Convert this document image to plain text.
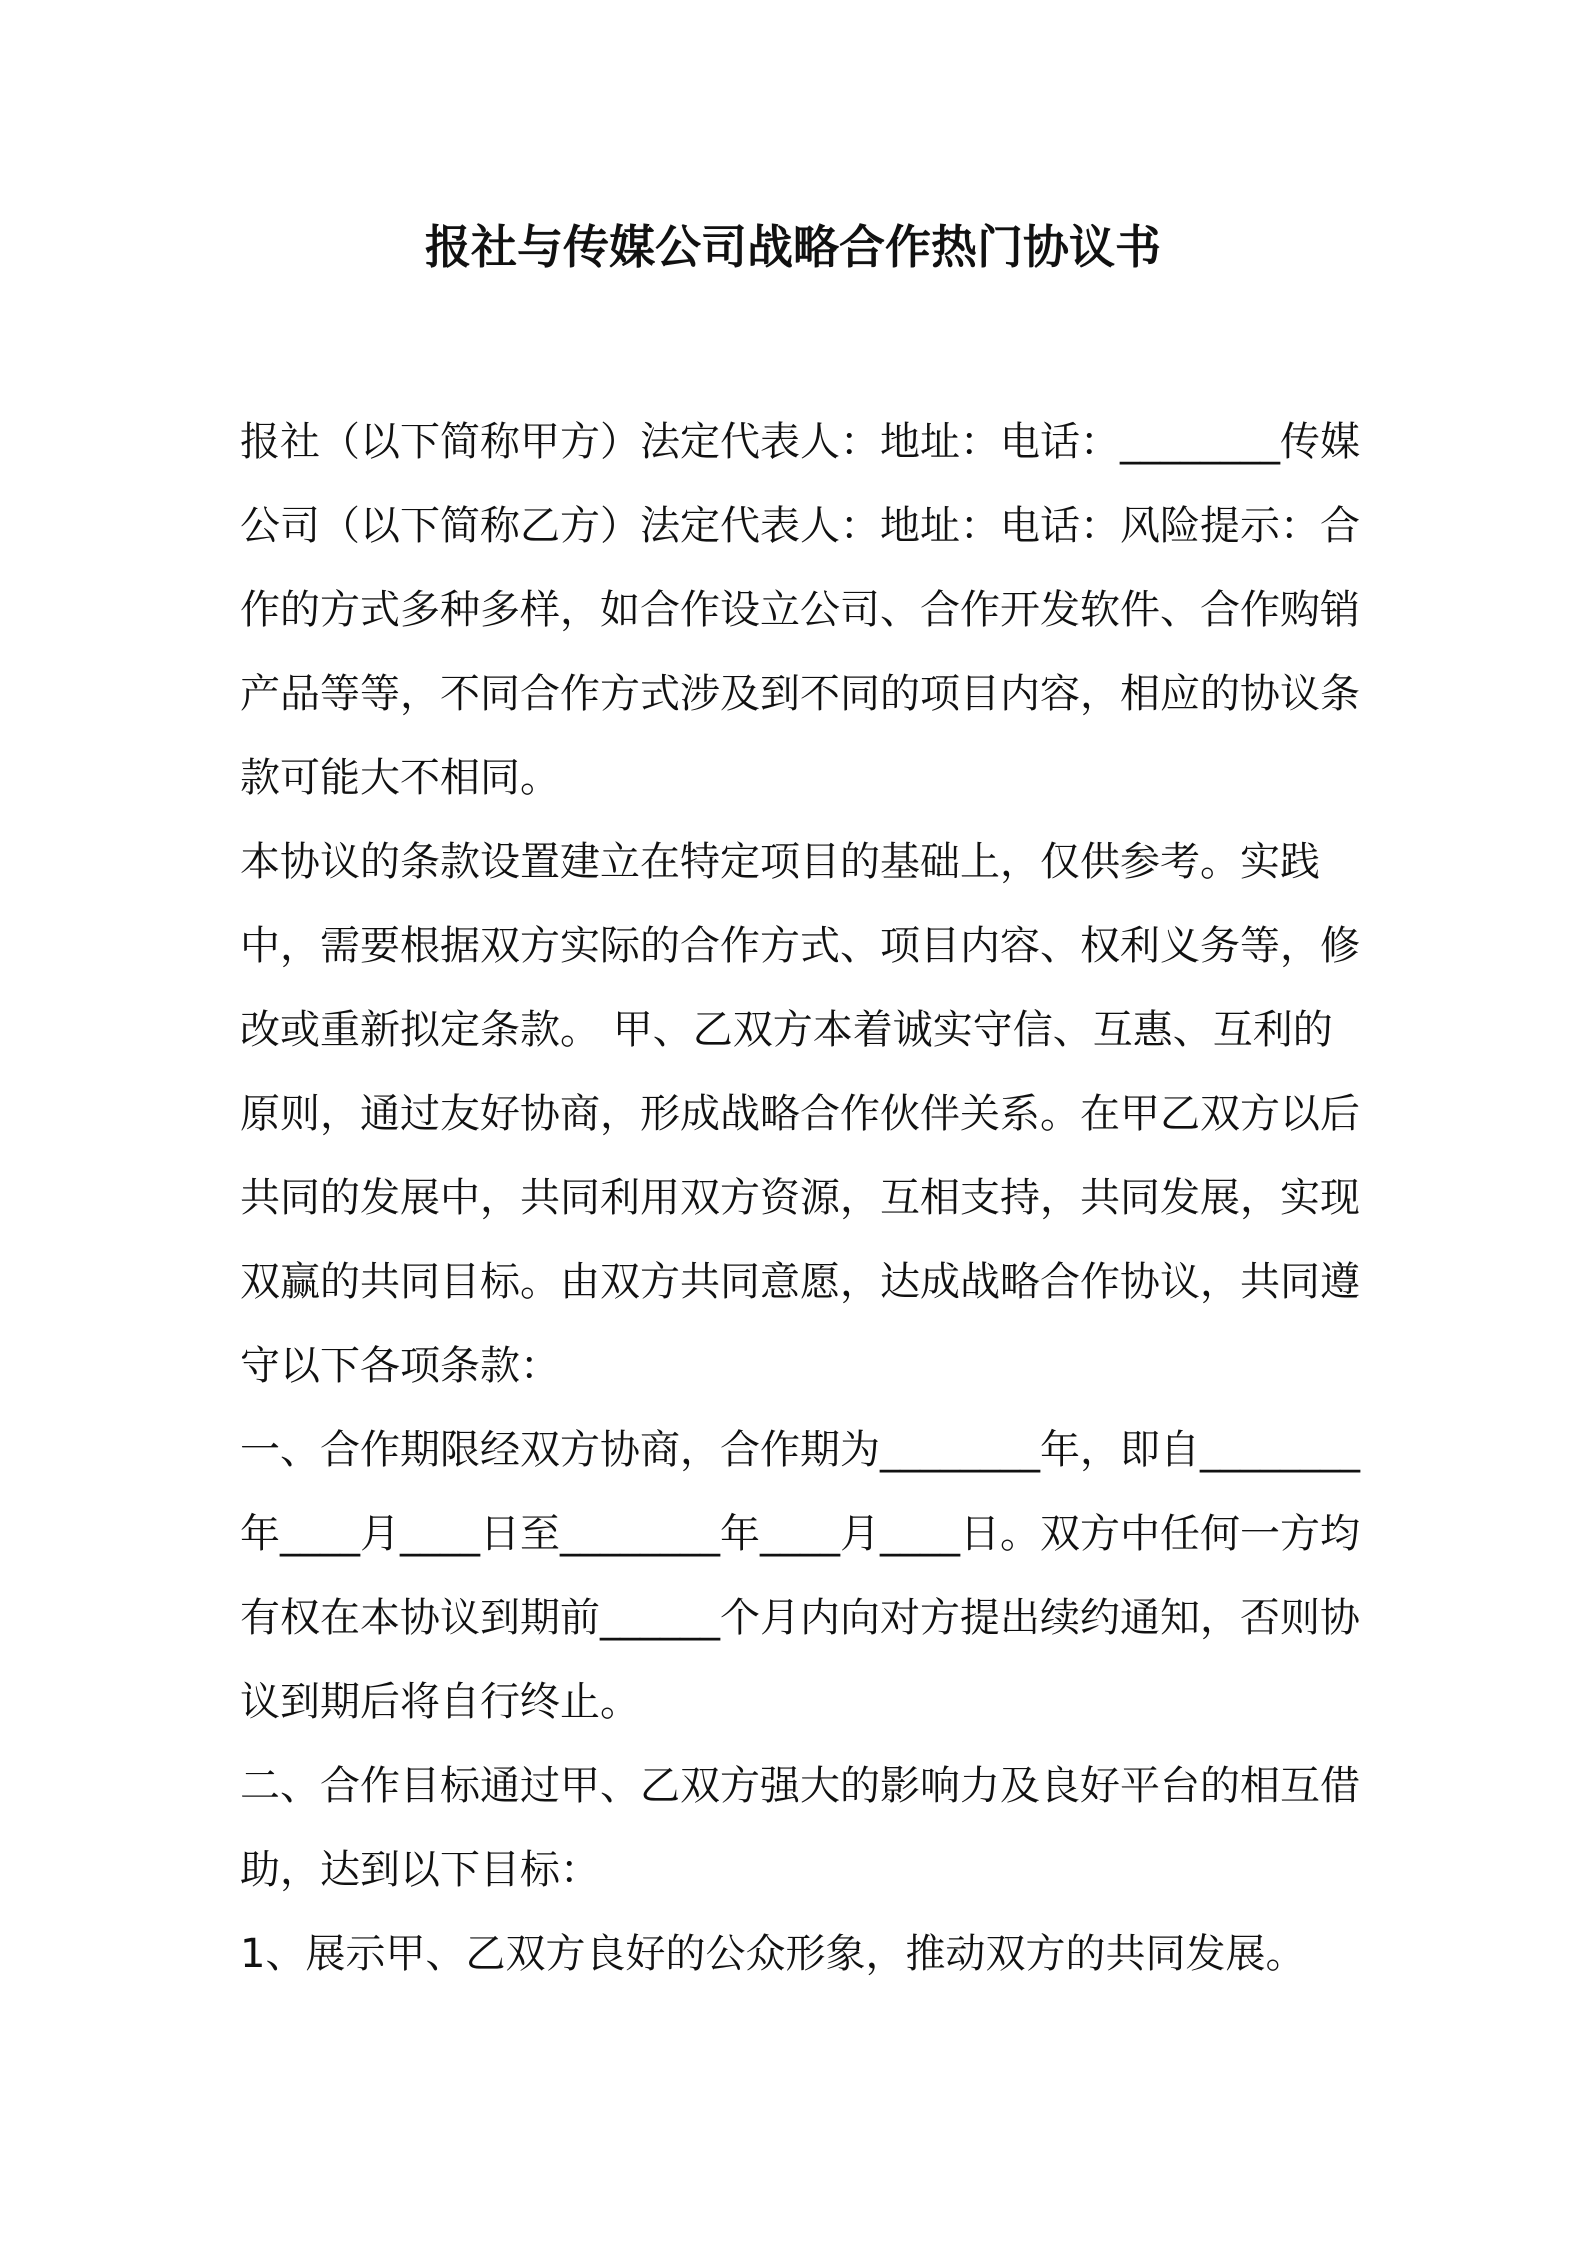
报社与传媒公司战略合作热门协议书

报社（以下简称甲方）法定代表人：地址：电话：________传媒公司（以下简称乙方）法定代表人：地址：电话：风险提示：合作的方式多种多样，如合作设立公司、合作开发软件、合作购销产品等等，不同合作方式涉及到不同的项目内容，相应的协议条款可能大不相同。

本协议的条款设置建立在特定项目的基础上，仅供参考。实践中，需要根据双方实际的合作方式、项目内容、权利义务等，修改或重新拟定条款。 甲、乙双方本着诚实守信、互惠、互利的原则，通过友好协商，形成战略合作伙伴关系。在甲乙双方以后共同的发展中，共同利用双方资源，互相支持，共同发展，实现双赢的共同目标。由双方共同意愿，达成战略合作协议，共同遵守以下各项条款：

一、合作期限经双方协商，合作期为________年，即自________年____月____日至________年____月____日。双方中任何一方均有权在本协议到期前______个月内向对方提出续约通知，否则协议到期后将自行终止。

二、合作目标通过甲、乙双方强大的影响力及良好平台的相互借助，达到以下目标：

1、展示甲、乙双方良好的公众形象，推动双方的共同发展。
